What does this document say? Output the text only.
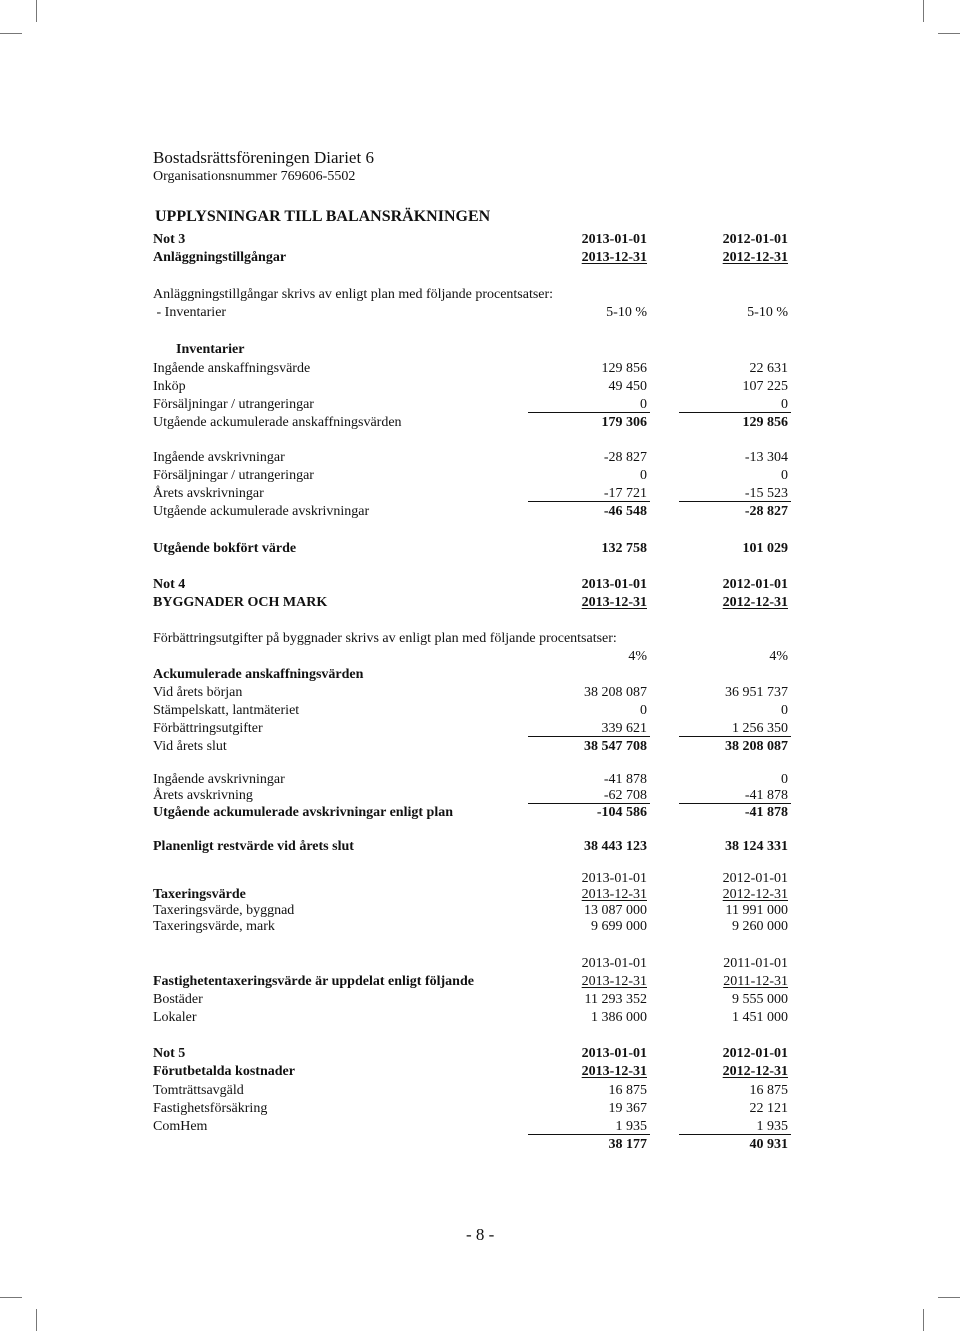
Bostadsrättsföreningen Diariet 6
Organisationsnummer 769606-5502
UPPLYSNINGAR TILL BALANSRÄKNINGEN
Not 3
Anläggningstillgångar
2013-01-01	2012-01-01
2013-12-31	2012-12-31
Anläggningstillgångar skrivs av enligt plan med följande procentsatser:
- Inventarier	5-10 %	5-10 %
Inventarier
Ingående anskaffningsvärde	129 856	22 631
Inköp	49 450	107 225
Försäljningar / utrangeringar	0	0
Utgående ackumulerade anskaffningsvärden	179 306	129 856
Ingående avskrivningar	-28 827	-13 304
Försäljningar / utrangeringar	0	0
Årets avskrivningar	-17 721	-15 523
Utgående ackumulerade avskrivningar	-46 548	-28 827
Utgående bokfört värde	132 758	101 029
Not 4
BYGGNADER OCH MARK
2013-01-01	2012-01-01
2013-12-31	2012-12-31
Förbättringsutgifter på byggnader skrivs av enligt plan med följande procentsatser:
4%	4%
Ackumulerade anskaffningsvärden
Vid årets början	38 208 087	36 951 737
Stämpelskatt, lantmäteriet	0	0
Förbättringsutgifter	339 621	1 256 350
Vid årets slut	38 547 708	38 208 087
Ingående avskrivningar	-41 878	0
Årets avskrivning	-62 708	-41 878
Utgående ackumulerade avskrivningar enligt plan	-104 586	-41 878
Planenligt restvärde vid årets slut	38 443 123	38 124 331
2013-01-01	2012-01-01
Taxeringsvärde	2013-12-31	2012-12-31
Taxeringsvärde, byggnad	13 087 000	11 991 000
Taxeringsvärde, mark	9 699 000	9 260 000
2013-01-01	2011-01-01
Fastighetentaxeringsvärde är uppdelat enligt följande	2013-12-31	2011-12-31
Bostäder	11 293 352	9 555 000
Lokaler	1 386 000	1 451 000
Not 5
Förutbetalda kostnader
2013-01-01	2012-01-01
2013-12-31	2012-12-31
Tomträttsavgäld	16 875	16 875
Fastighetsförsäkring	19 367	22 121
ComHem	1 935	1 935
38 177	40 931
- 8 -
